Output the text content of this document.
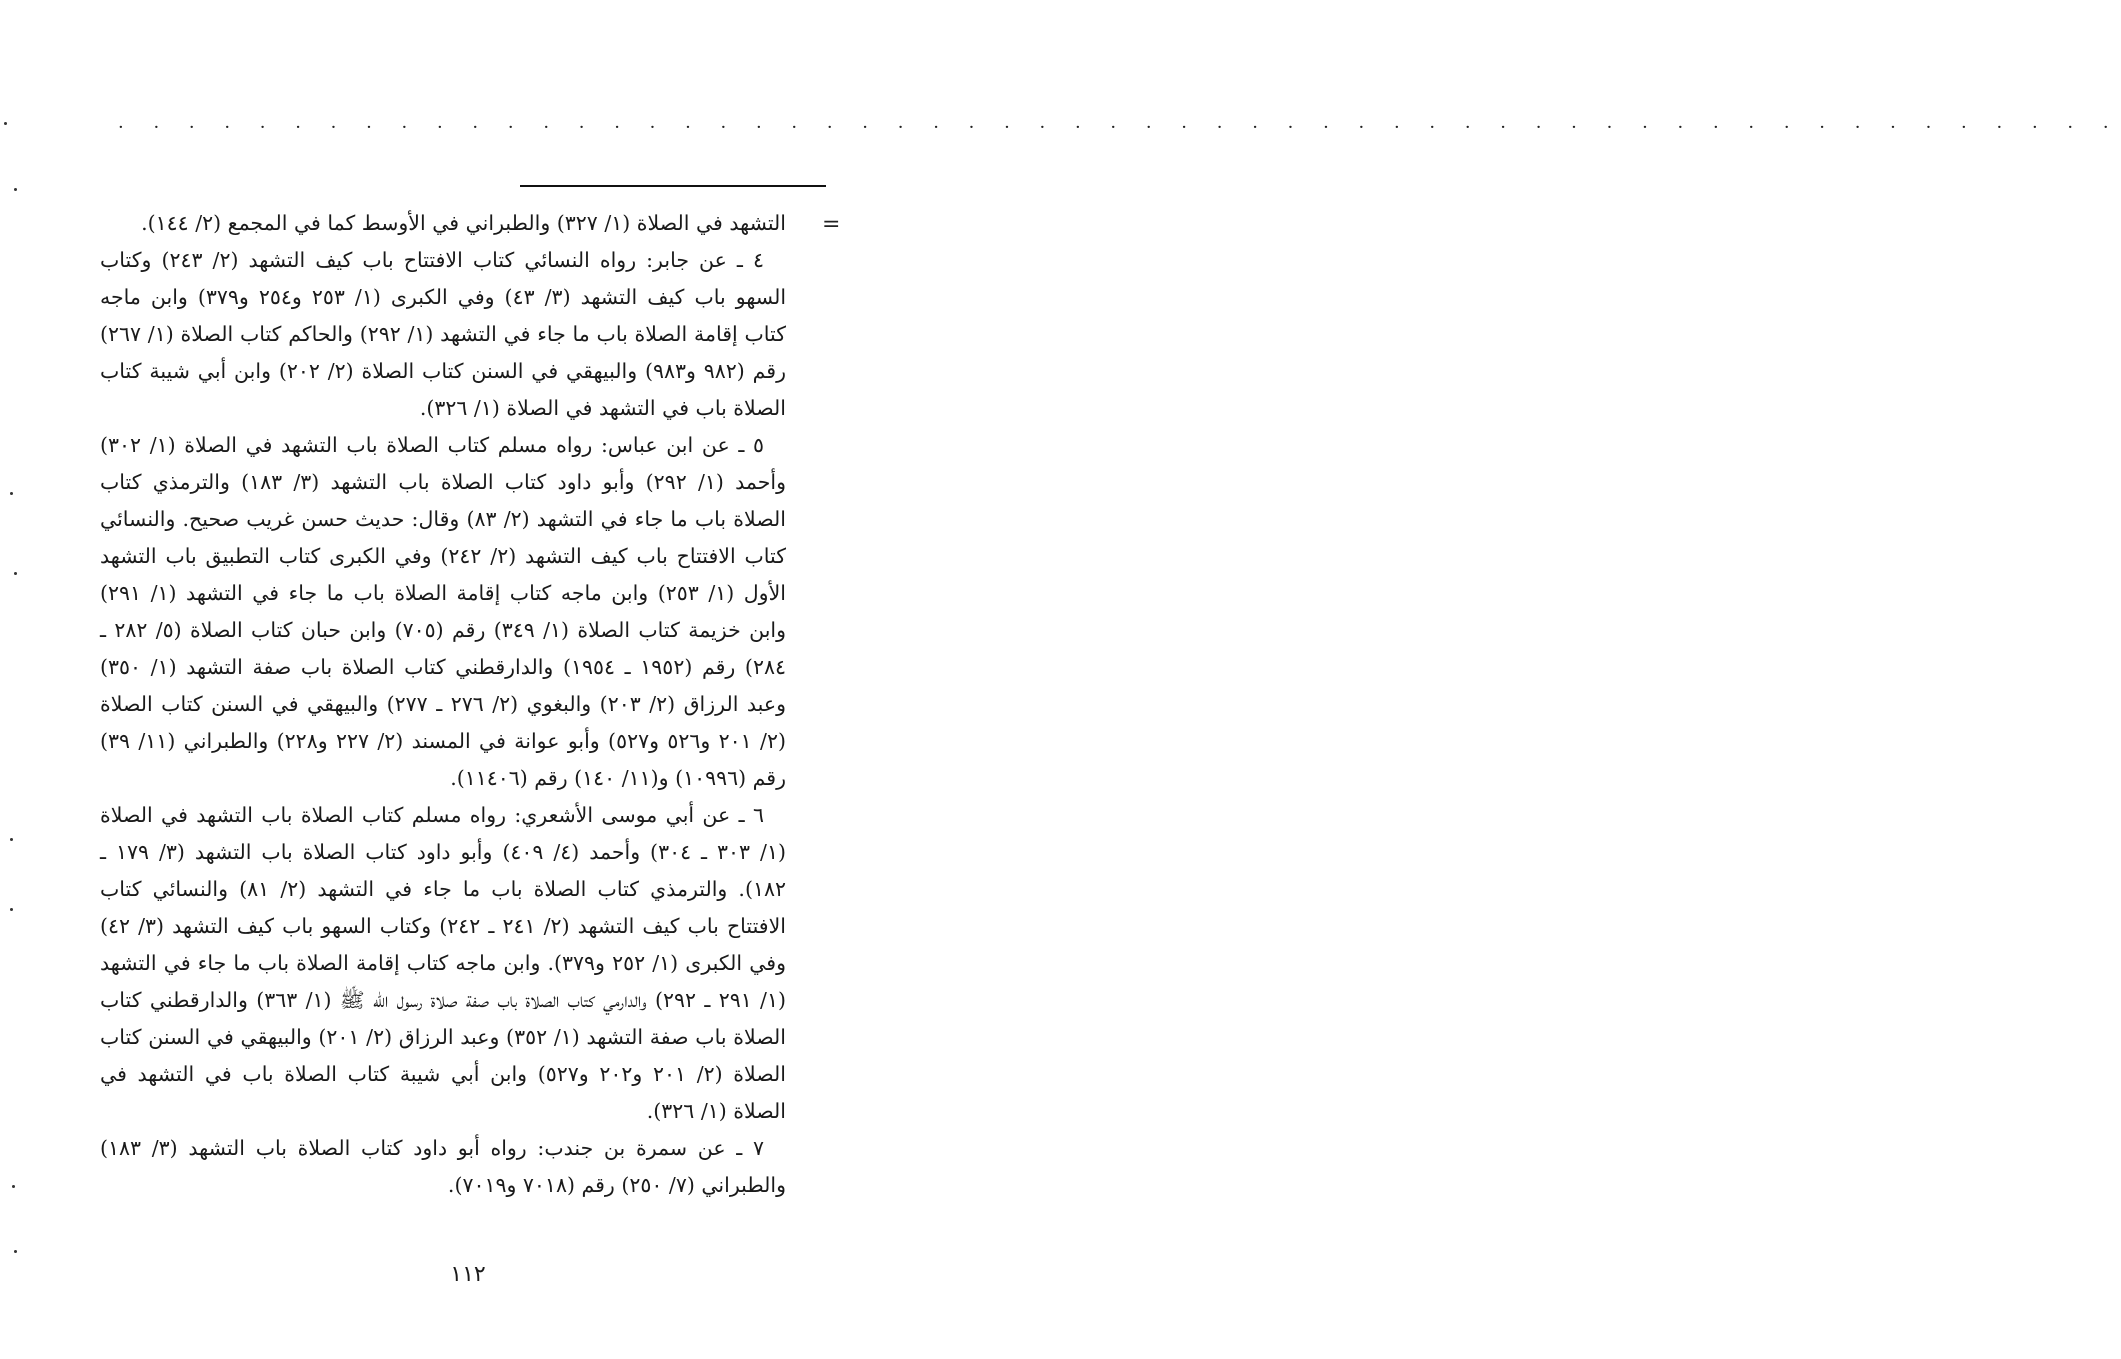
· · · · · · · · · · · · · · · · · · · · · · · · · · · · · · · · · · · · · · · · · · · · · · · · · · · · · · · · ·
=

التشهد في الصلاة (١/ ٣٢٧) والطبراني في الأوسط كما في المجمع (٢/ ١٤٤).

٤ ـ عن جابر: رواه النسائي كتاب الافتتاح باب كيف التشهد (٢/ ٢٤٣) وكتاب السهو باب كيف التشهد (٣/ ٤٣) وفي الكبرى (١/ ٢٥٣ و٢٥٤ و٣٧٩) وابن ماجه كتاب إقامة الصلاة باب ما جاء في التشهد (١/ ٢٩٢) والحاكم كتاب الصلاة (١/ ٢٦٧) رقم (٩٨٢ و٩٨٣) والبيهقي في السنن كتاب الصلاة (٢/ ٢٠٢) وابن أبي شيبة كتاب الصلاة باب في التشهد في الصلاة (١/ ٣٢٦).

٥ ـ عن ابن عباس: رواه مسلم كتاب الصلاة باب التشهد في الصلاة (١/ ٣٠٢) وأحمد (١/ ٢٩٢) وأبو داود كتاب الصلاة باب التشهد (٣/ ١٨٣) والترمذي كتاب الصلاة باب ما جاء في التشهد (٢/ ٨٣) وقال: حديث حسن غريب صحيح. والنسائي كتاب الافتتاح باب كيف التشهد (٢/ ٢٤٢) وفي الكبرى كتاب التطبيق باب التشهد الأول (١/ ٢٥٣) وابن ماجه كتاب إقامة الصلاة باب ما جاء في التشهد (١/ ٢٩١) وابن خزيمة كتاب الصلاة (١/ ٣٤٩) رقم (٧٠٥) وابن حبان كتاب الصلاة (٥/ ٢٨٢ ـ ٢٨٤) رقم (١٩٥٢ ـ ١٩٥٤) والدارقطني كتاب الصلاة باب صفة التشهد (١/ ٣٥٠) وعبد الرزاق (٢/ ٢٠٣) والبغوي (٢/ ٢٧٦ ـ ٢٧٧) والبيهقي في السنن كتاب الصلاة (٢/ ٢٠١ و٥٢٦ و٥٢٧) وأبو عوانة في المسند (٢/ ٢٢٧ و٢٢٨) والطبراني (١١/ ٣٩) رقم (١٠٩٩٦) و(١١/ ١٤٠) رقم (١١٤٠٦).

٦ ـ عن أبي موسى الأشعري: رواه مسلم كتاب الصلاة باب التشهد في الصلاة (١/ ٣٠٣ ـ ٣٠٤) وأحمد (٤/ ٤٠٩) وأبو داود كتاب الصلاة باب التشهد (٣/ ١٧٩ ـ ١٨٢). والترمذي كتاب الصلاة باب ما جاء في التشهد (٢/ ٨١) والنسائي كتاب الافتتاح باب كيف التشهد (٢/ ٢٤١ ـ ٢٤٢) وكتاب السهو باب كيف التشهد (٣/ ٤٢) وفي الكبرى (١/ ٢٥٢ و٣٧٩). وابن ماجه كتاب إقامة الصلاة باب ما جاء في التشهد (١/ ٢٩١ ـ ٢٩٢) والدارمي كتاب الصلاة باب صفة صلاة رسول الله ﷺ (١/ ٣٦٣) والدارقطني كتاب الصلاة باب صفة التشهد (١/ ٣٥٢) وعبد الرزاق (٢/ ٢٠١) والبيهقي في السنن كتاب الصلاة (٢/ ٢٠١ و٢٠٢ و٥٢٧) وابن أبي شيبة كتاب الصلاة باب في التشهد في الصلاة (١/ ٣٢٦).

٧ ـ عن سمرة بن جندب: رواه أبو داود كتاب الصلاة باب التشهد (٣/ ١٨٣) والطبراني (٧/ ٢٥٠) رقم (٧٠١٨ و٧٠١٩).

١١٢
